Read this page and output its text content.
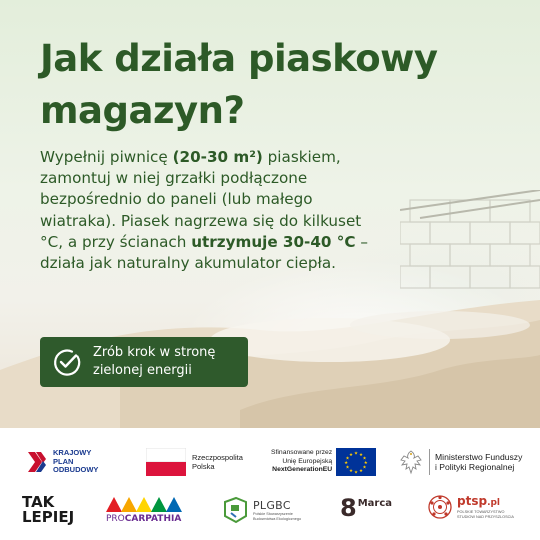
Jak działa piaskowy magazyn?

Wypełnij piwnicę (20-30 m²) piaskiem, zamontuj w niej grzałki podłączone bezpośrednio do paneli (lub małego wiatraka). Piasek nagrzewa się do kilkuset °C, a przy ścianach utrzymuje 30-40 °C – działa jak naturalny akumulator ciepła.

Zrób krok w stronę zielonej energii
KRAJOWY
PLAN
ODBUDOWY
Rzeczpospolita
Polska
Sfinansowane przez
Unię Europejską
NextGenerationEU
★ ★
★
★
★
★
★
★
★
★
★
★	Ministerstwo Funduszy
i Polityki Regionalnej
TAK
LEPIEJ	PROCARPATHIA
PLGBC
Polskie Stowarzyszenie
Budownictwa Ekologicznego 8 Marca	ptsp.pl
POLSKIE TOWARZYSTWO
STUDIOW NAD PRZYSZLOSCIA
